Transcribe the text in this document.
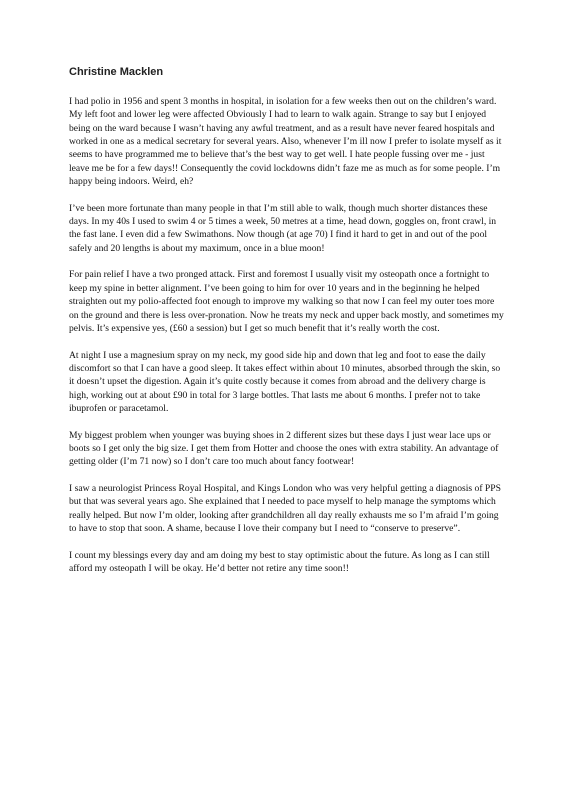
Christine Macklen

I had polio in 1956 and spent 3 months in hospital, in isolation for a few weeks then out on the children’s ward. My left foot and lower leg were affected Obviously I had to learn to walk again. Strange to say but I enjoyed being on the ward because I wasn’t having any awful treatment, and as a result have never feared hospitals and worked in one as a medical secretary for several years. Also, whenever I’m ill now I prefer to isolate myself as it seems to have programmed me to believe that’s the best way to get well. I hate people fussing over me - just leave me be for a few days!! Consequently the covid lockdowns didn’t faze me as much as for some people. I’m happy being indoors. Weird, eh?

I’ve been more fortunate than many people in that I’m still able to walk, though much shorter distances these days. In my 40s I used to swim 4 or 5 times a week, 50 metres at a time, head down, goggles on, front crawl, in the fast lane. I even did a few Swimathons. Now though (at age 70) I find it hard to get in and out of the pool safely and 20 lengths is about my maximum, once in a blue moon!

For pain relief I have a two pronged attack. First and foremost I usually visit my osteopath once a fortnight to keep my spine in better alignment. I’ve been going to him for over 10 years and in the beginning he helped straighten out my polio-affected foot enough to improve my walking so that now I can feel my outer toes more on the ground and there is less over-pronation. Now he treats my neck and upper back mostly, and sometimes my pelvis. It’s expensive yes, (£60 a session) but I get so much benefit that it’s really worth the cost.

At night I use a magnesium spray on my neck, my good side hip and down that leg and foot to ease the daily discomfort so that I can have a good sleep. It takes effect within about 10 minutes, absorbed through the skin, so it doesn’t upset the digestion. Again it’s quite costly because it comes from abroad and the delivery charge is high, working out at about £90 in total for 3 large bottles. That lasts me about 6 months. I prefer not to take ibuprofen or paracetamol.

My biggest problem when younger was buying shoes in 2 different sizes but these days I just wear lace ups or boots so I get only the big size. I get them from Hotter and choose the ones with extra stability. An advantage of getting older (I’m 71 now) so I don’t care too much about fancy footwear!

I saw a neurologist Princess Royal Hospital, and Kings London who was very helpful getting a diagnosis of PPS but that was several years ago. She explained that I needed to pace myself to help manage the symptoms which really helped. But now I’m older, looking after grandchildren all day really exhausts me so I’m afraid I’m going to have to stop that soon. A shame, because I love their company but I need to “conserve to preserve”.

I count my blessings every day and am doing my best to stay optimistic about the future. As long as I can still afford my osteopath I will be okay. He’d better not retire any time soon!!
